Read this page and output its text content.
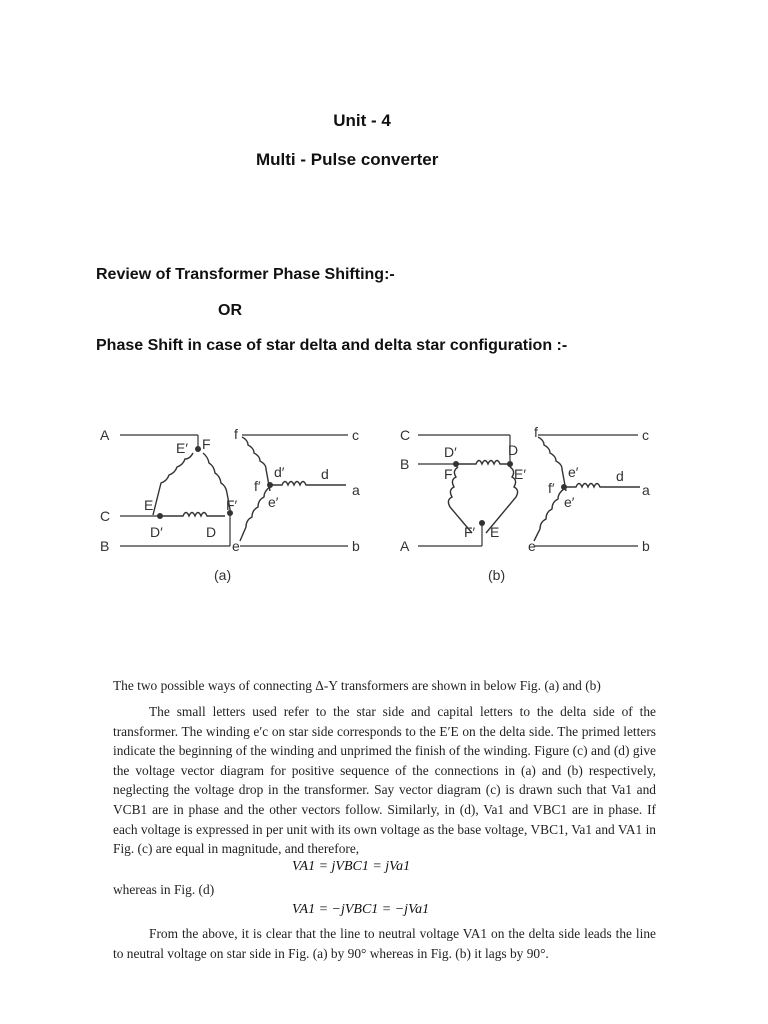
Unit - 4
Multi - Pulse converter
Review of Transformer Phase Shifting:-
OR
Phase Shift in case of star delta and delta star configuration :-
A
C
B
E′ F
E	F′
D′	D
c
a
b
f
d′	d
f′
e′
e
(a)
C
B
A
D′	D
F	E′
F′ E
c
a
b
f
e′	d
f′
e′
e
(b)
The two possible ways of connecting Δ-Y transformers are shown in below Fig. (a) and (b)
The small letters used refer to the star side and capital letters to the delta side of the transformer. The winding e′c on star side corresponds to the E′E on the delta side. The primed letters indicate the beginning of the winding and unprimed the finish of the winding. Figure (c) and (d) give the voltage vector diagram for positive sequence of the connections in (a) and (b) respectively, neglecting the voltage drop in the transformer. Say vector diagram (c) is drawn such that Va1 and VCB1 are in phase and the other vectors follow. Similarly, in (d), Va1 and VBC1 are in phase. If each voltage is expressed in per unit with its own voltage as the base voltage, VBC1, Va1 and VA1 in Fig. (c) are equal in magnitude, and therefore,
VA1 = jVBC1 = jVa1
whereas in Fig. (d)
VA1 = −jVBC1 = −jVa1
From the above, it is clear that the line to neutral voltage VA1 on the delta side leads the line to neutral voltage on star side in Fig. (a) by 90° whereas in Fig. (b) it lags by 90°.
